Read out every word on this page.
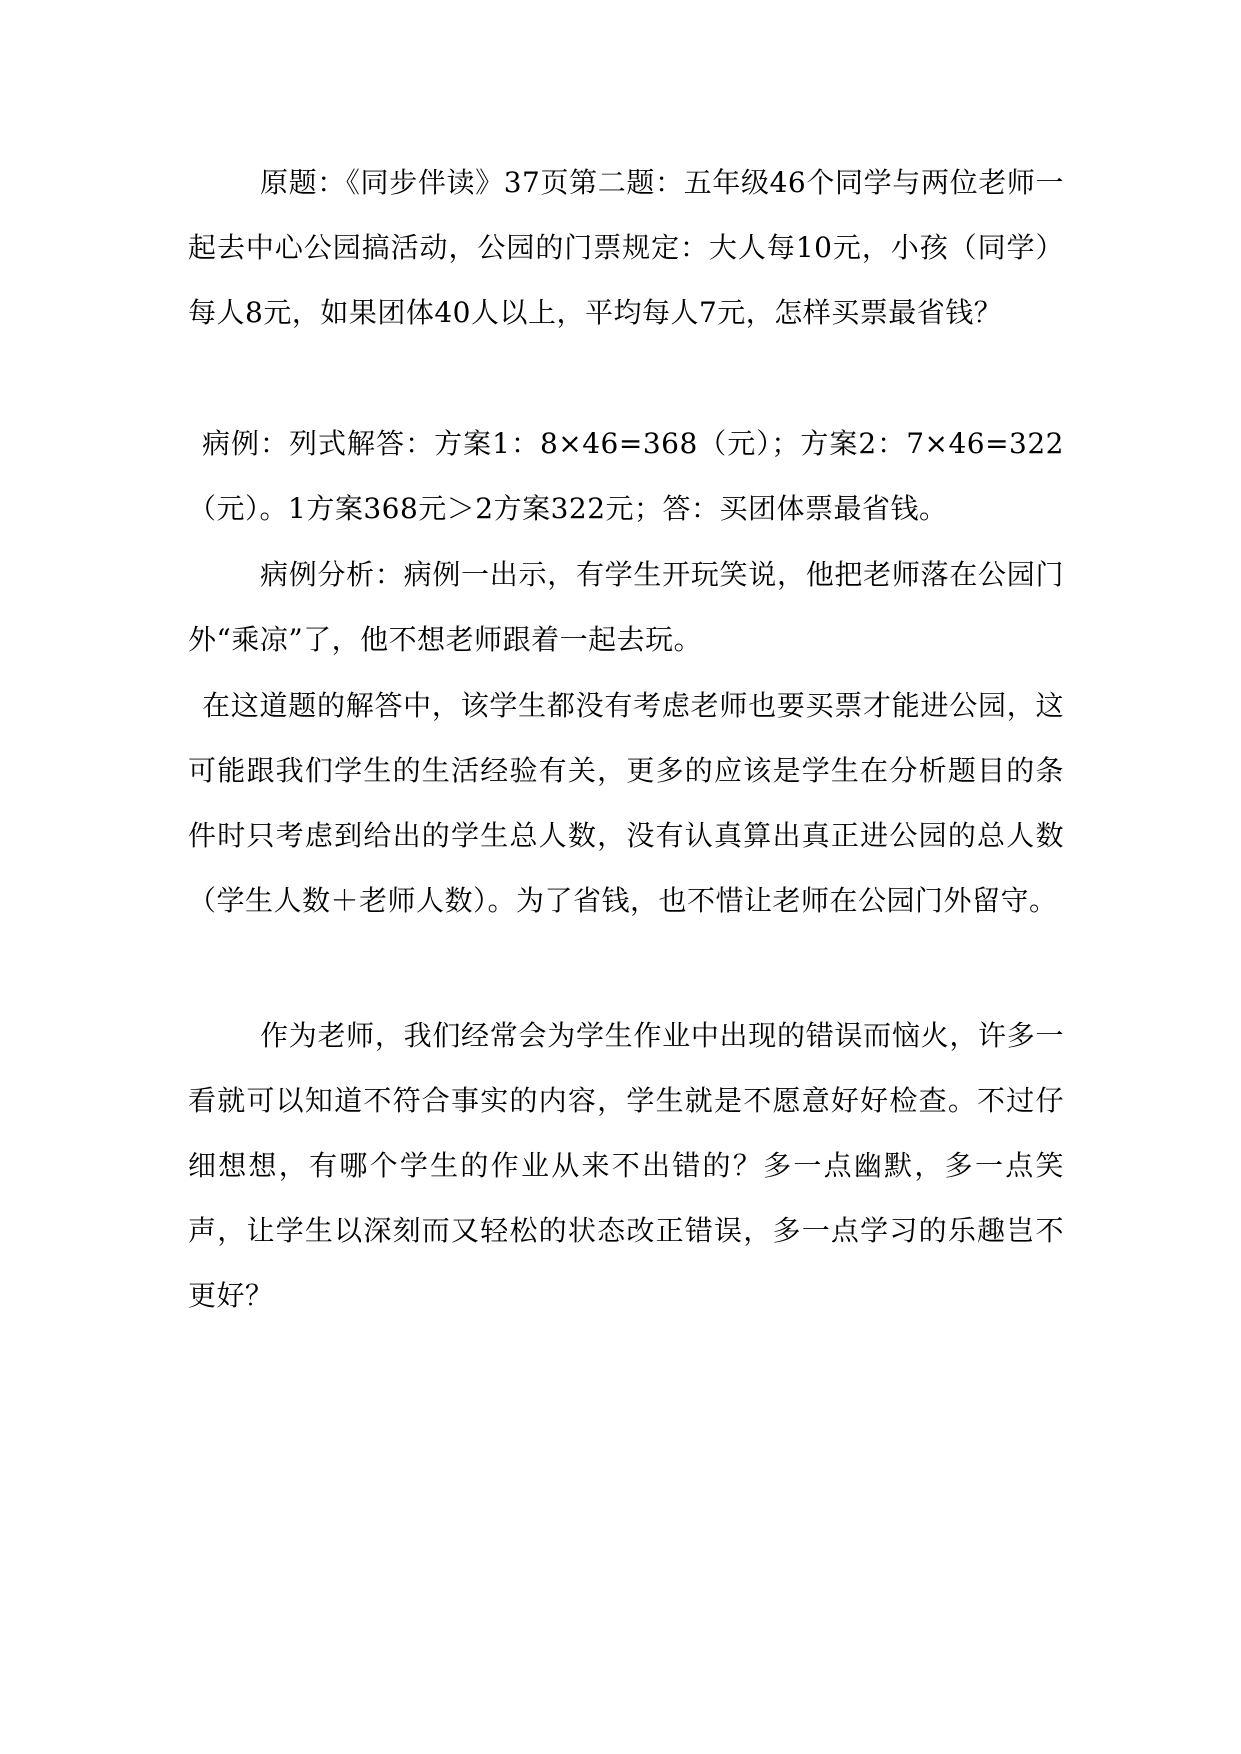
原题：《同步伴读》37页第二题：五年级46个同学与两位老师一起去中心公园搞活动，公园的门票规定：大人每10元，小孩（同学）每人8元，如果团体40人以上，平均每人7元，怎样买票最省钱？

病例：列式解答：方案1：8×46=368（元）；方案2：7×46=322（元）。1方案368元＞2方案322元；答：买团体票最省钱。

病例分析：病例一出示，有学生开玩笑说，他把老师落在公园门外“乘凉”了，他不想老师跟着一起去玩。

在这道题的解答中，该学生都没有考虑老师也要买票才能进公园，这可能跟我们学生的生活经验有关，更多的应该是学生在分析题目的条件时只考虑到给出的学生总人数，没有认真算出真正进公园的总人数（学生人数＋老师人数）。为了省钱，也不惜让老师在公园门外留守。

作为老师，我们经常会为学生作业中出现的错误而恼火，许多一看就可以知道不符合事实的内容，学生就是不愿意好好检查。不过仔细想想，有哪个学生的作业从来不出错的？多一点幽默，多一点笑声，让学生以深刻而又轻松的状态改正错误，多一点学习的乐趣岂不更好？
